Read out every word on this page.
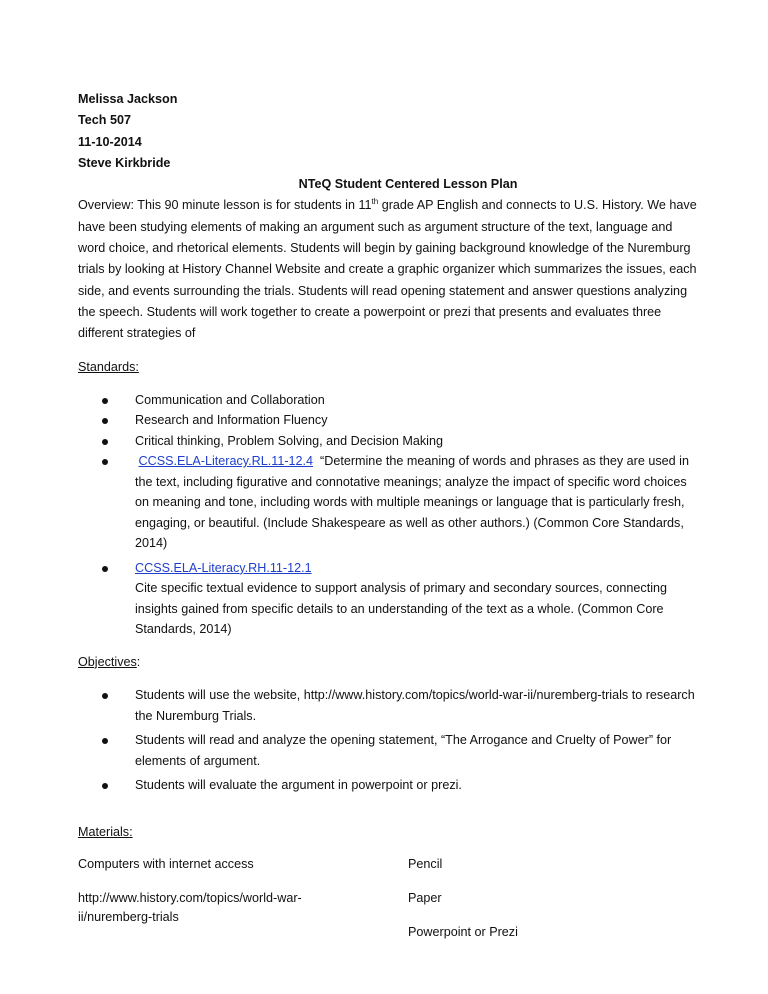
Melissa Jackson
Tech 507
11-10-2014
Steve Kirkbride
NTeQ Student Centered Lesson Plan
Overview: This 90 minute lesson is for students in 11th grade AP English and connects to U.S. History. We have have been studying elements of making an argument such as argument structure of the text, language and word choice, and rhetorical elements. Students will begin by gaining background knowledge of the Nuremburg trials by looking at History Channel Website and create a graphic organizer which summarizes the issues, each side, and events surrounding the trials. Students will read opening statement and answer questions analyzing the speech. Students will work together to create a powerpoint or prezi that presents and evaluates three different strategies of
Standards:
Communication and Collaboration
Research and Information Fluency
Critical thinking, Problem Solving, and Decision Making
CCSS.ELA-Literacy.RL.11-12.4 “Determine the meaning of words and phrases as they are used in the text, including figurative and connotative meanings; analyze the impact of specific word choices on meaning and tone, including words with multiple meanings or language that is particularly fresh, engaging, or beautiful. (Include Shakespeare as well as other authors.) (Common Core Standards, 2014)
CCSS.ELA-Literacy.RH.11-12.1
Cite specific textual evidence to support analysis of primary and secondary sources, connecting insights gained from specific details to an understanding of the text as a whole. (Common Core Standards, 2014)
Objectives:
Students will use the website, http://www.history.com/topics/world-war-ii/nuremberg-trials to research the Nuremburg Trials.
Students will read and analyze the opening statement, “The Arrogance and Cruelty of Power” for elements of argument.
Students will evaluate the argument in powerpoint or prezi.
Materials:
Computers with internet access
http://www.history.com/topics/world-war-ii/nuremberg-trials
Pencil
Paper
Powerpoint or Prezi
